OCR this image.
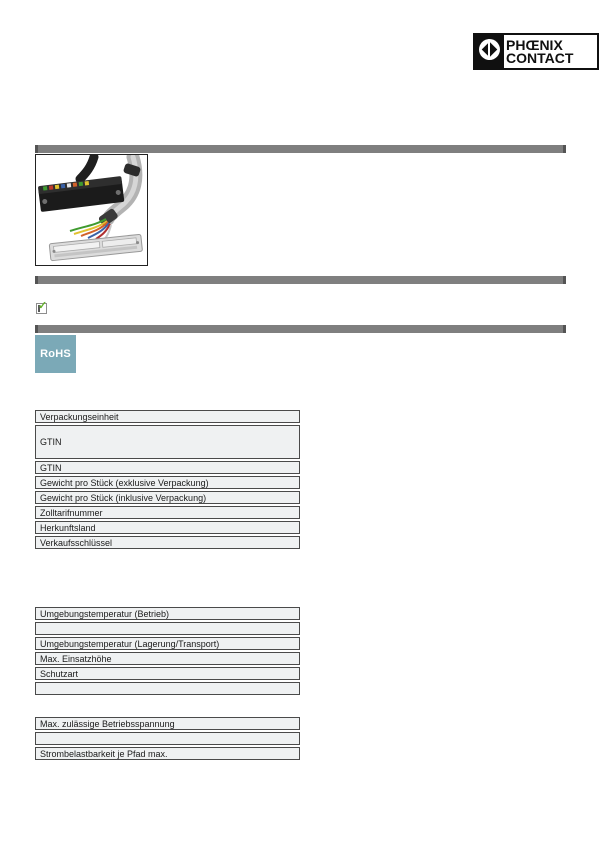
PHŒNIX
CONTACT
✓
RoHS
Verpackungseinheit
GTIN
GTIN
Gewicht pro Stück (exklusive Verpackung)
Gewicht pro Stück (inklusive Verpackung)
Zolltarifnummer
Herkunftsland
Verkaufsschlüssel
Umgebungstemperatur (Betrieb)
Umgebungstemperatur (Lagerung/Transport)
Max. Einsatzhöhe
Schutzart
Max. zulässige Betriebsspannung
Strombelastbarkeit je Pfad max.
